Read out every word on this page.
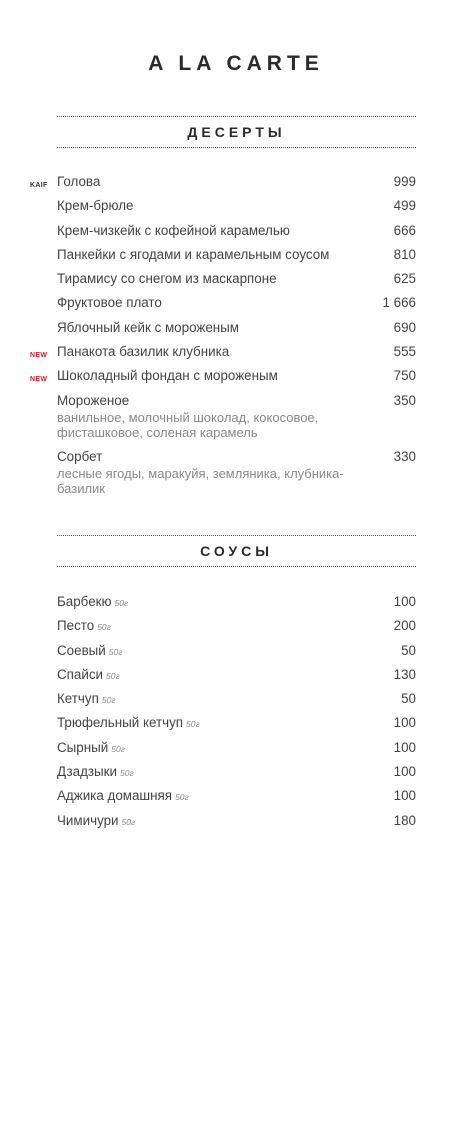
A LA CARTE
ДЕСЕРТЫ
KAIF Голова	999
Крем-брюле	499
Крем-чизкейк с кофейной карамелью	666
Панкейки с ягодами и карамельным соусом	810
Тирамису со снегом из маскарпоне	625
Фруктовое плато	1 666
Яблочный кейк с мороженым	690
NEW Панакота базилик клубника	555
NEW Шоколадный фондан с мороженым	750
Мороженое	350
ванильное, молочный шоколад, кокосовое, фисташковое, соленая карамель
Сорбет	330
лесные ягоды, маракуйя, земляника, клубника-базилик
СОУСЫ
Барбекю 50г	100
Песто 50г	200
Соевый 50г	50
Спайси 50г	130
Кетчуп 50г	50
Трюфельный кетчуп 50г	100
Сырный 50г	100
Дзадзыки 50г	100
Аджика домашняя 50г	100
Чимичури 50г	180
